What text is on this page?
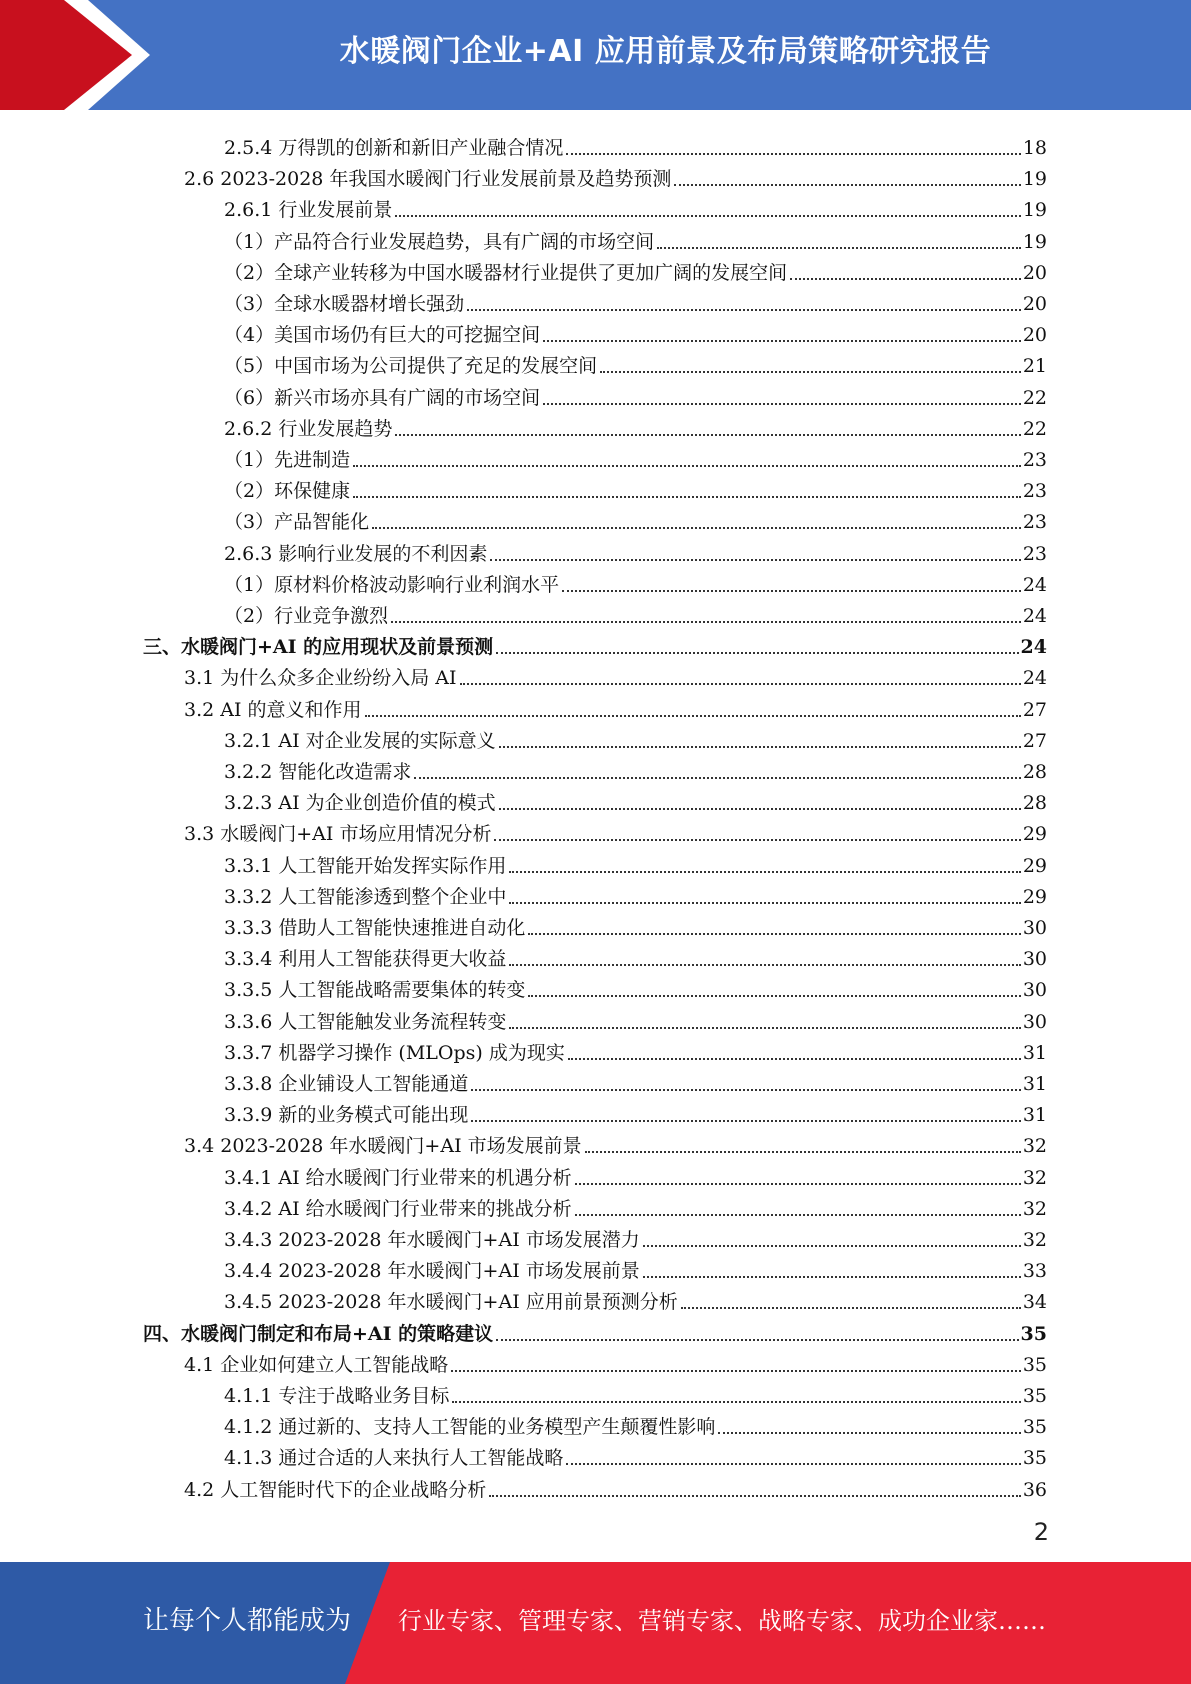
水暖阀门企业+AI 应用前景及布局策略研究报告
2.5.4 万得凯的创新和新旧产业融合情况	18
2.6 2023-2028 年我国水暖阀门行业发展前景及趋势预测	19
2.6.1 行业发展前景	19
（1）产品符合行业发展趋势，具有广阔的市场空间	19
（2）全球产业转移为中国水暖器材行业提供了更加广阔的发展空间	20
（3）全球水暖器材增长强劲	20
（4）美国市场仍有巨大的可挖掘空间	20
（5）中国市场为公司提供了充足的发展空间	21
（6）新兴市场亦具有广阔的市场空间	22
2.6.2 行业发展趋势	22
（1）先进制造	23
（2）环保健康	23
（3）产品智能化	23
2.6.3 影响行业发展的不利因素	23
（1）原材料价格波动影响行业利润水平	24
（2）行业竞争激烈	24
三、水暖阀门+AI 的应用现状及前景预测	24
3.1 为什么众多企业纷纷入局 AI	24
3.2 AI 的意义和作用	27
3.2.1 AI 对企业发展的实际意义	27
3.2.2 智能化改造需求	28
3.2.3 AI 为企业创造价值的模式	28
3.3 水暖阀门+AI 市场应用情况分析	29
3.3.1 人工智能开始发挥实际作用	29
3.3.2 人工智能渗透到整个企业中	29
3.3.3 借助人工智能快速推进自动化	30
3.3.4 利用人工智能获得更大收益	30
3.3.5 人工智能战略需要集体的转变	30
3.3.6 人工智能触发业务流程转变	30
3.3.7 机器学习操作 (MLOps) 成为现实	31
3.3.8 企业铺设人工智能通道	31
3.3.9 新的业务模式可能出现	31
3.4 2023-2028 年水暖阀门+AI 市场发展前景	32
3.4.1 AI 给水暖阀门行业带来的机遇分析	32
3.4.2 AI 给水暖阀门行业带来的挑战分析	32
3.4.3 2023-2028 年水暖阀门+AI 市场发展潜力	32
3.4.4 2023-2028 年水暖阀门+AI 市场发展前景	33
3.4.5 2023-2028 年水暖阀门+AI 应用前景预测分析	34
四、水暖阀门制定和布局+AI 的策略建议	35
4.1 企业如何建立人工智能战略	35
4.1.1 专注于战略业务目标	35
4.1.2 通过新的、支持人工智能的业务模型产生颠覆性影响	35
4.1.3 通过合适的人来执行人工智能战略	35
4.2 人工智能时代下的企业战略分析	36
2
让每个人都能成为 行业专家、管理专家、营销专家、战略专家、成功企业家……
